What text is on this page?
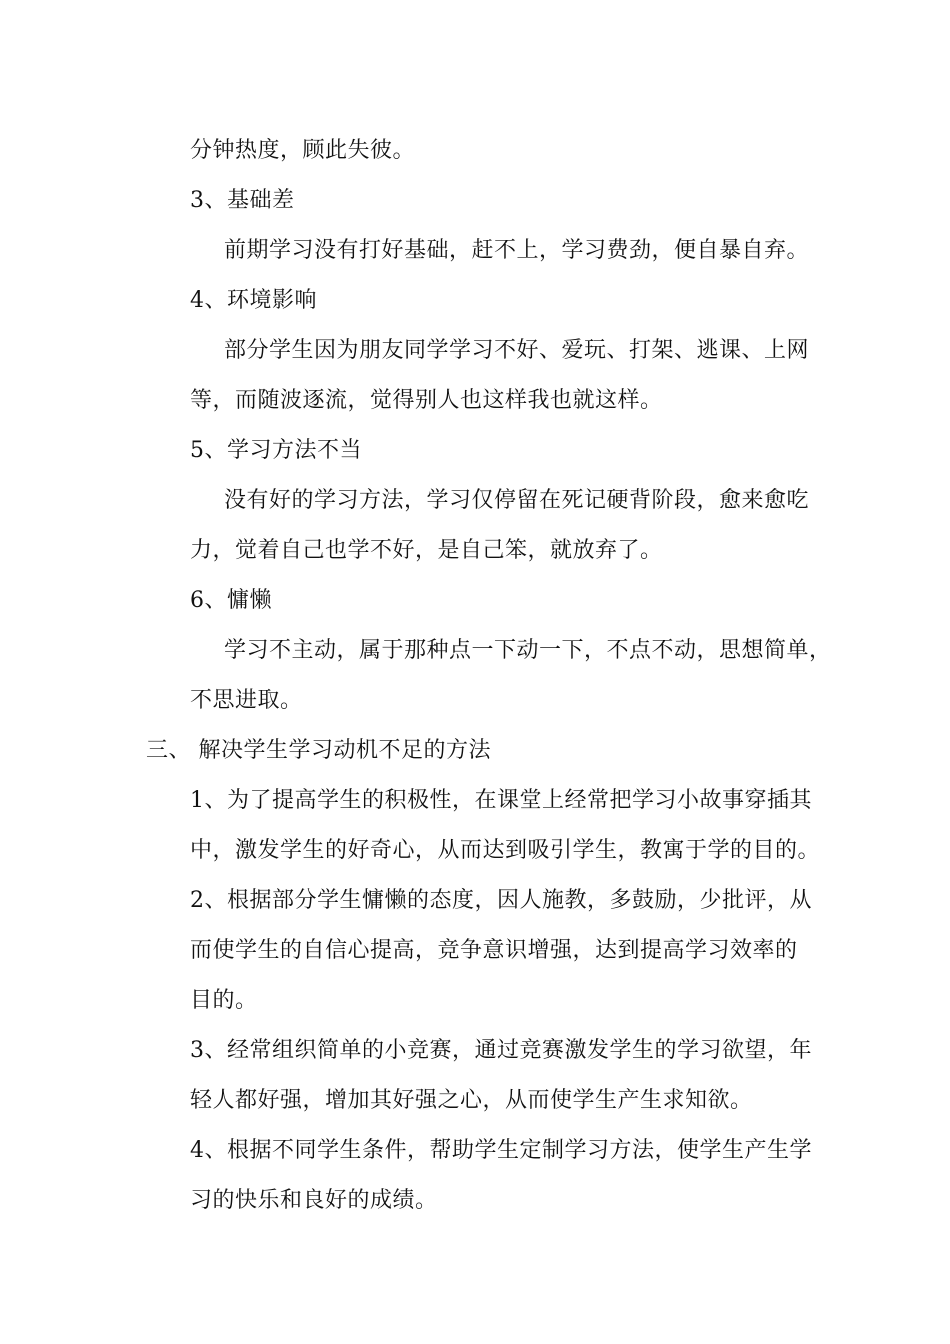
分钟热度，顾此失彼。
3、基础差
前期学习没有打好基础，赶不上，学习费劲，便自暴自弃。
4、环境影响
部分学生因为朋友同学学习不好、爱玩、打架、逃课、上网
等，而随波逐流，觉得别人也这样我也就这样。
5、学习方法不当
没有好的学习方法，学习仅停留在死记硬背阶段，愈来愈吃
力，觉着自己也学不好，是自己笨，就放弃了。
6、慵懒
学习不主动，属于那种点一下动一下，不点不动，思想简单，
不思进取。
三、 解决学生学习动机不足的方法
1、为了提高学生的积极性，在课堂上经常把学习小故事穿插其
中，激发学生的好奇心，从而达到吸引学生，教寓于学的目的。
2、根据部分学生慵懒的态度，因人施教，多鼓励，少批评，从
而使学生的自信心提高，竞争意识增强，达到提高学习效率的
目的。
3、经常组织简单的小竞赛，通过竞赛激发学生的学习欲望，年
轻人都好强，增加其好强之心，从而使学生产生求知欲。
4、根据不同学生条件，帮助学生定制学习方法，使学生产生学
习的快乐和良好的成绩。
